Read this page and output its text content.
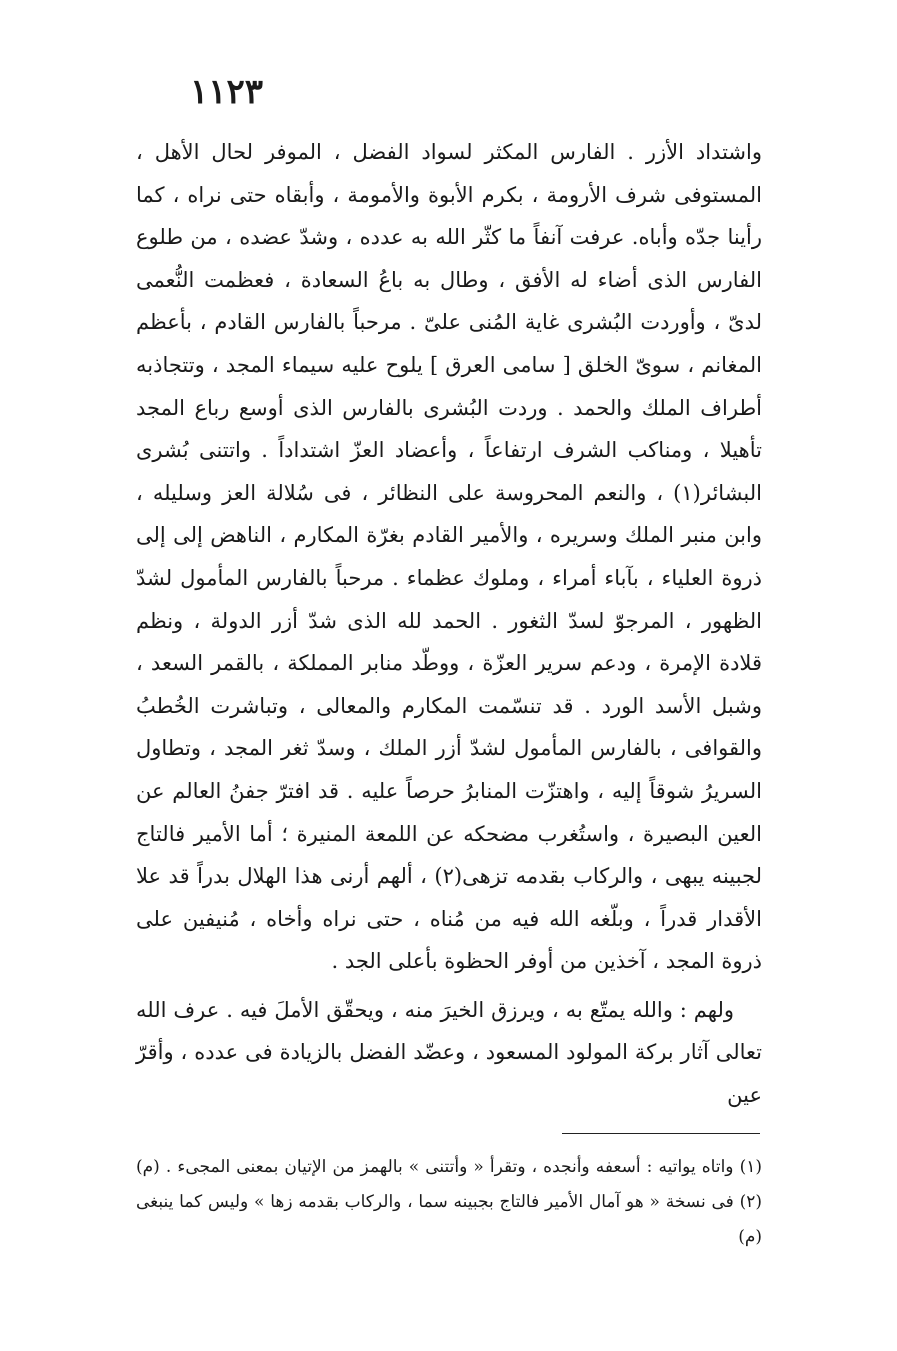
١١٢٣

واشتداد الأزر . الفارس المكثر لسواد الفضل ، الموفر لحال الأهل ، المستوفى شرف الأرومة ، بكرم الأبوة والأمومة ، وأبقاه حتى نراه ، كما رأينا جدّه وأباه. عرفت آنفاً ما كثّر الله به عدده ، وشدّ عضده ، من طلوع الفارس الذى أضاء له الأفق ، وطال به باعُ السعادة ، فعظمت النُّعمى لدىّ ، وأوردت البُشرى غاية المُنى علىّ . مرحباً بالفارس القادم ، بأعظم المغانم ، سوىّ الخلق [ سامى العرق ] يلوح عليه سيماء المجد ، وتتجاذبه أطراف الملك والحمد . وردت البُشرى بالفارس الذى أوسع رباع المجد تأهيلا ، ومناكب الشرف ارتفاعاً ، وأعضاد العزّ اشتداداً . واتتنى بُشرى البشائر(١) ، والنعم المحروسة على النظائر ، فى سُلالة العز وسليله ، وابن منبر الملك وسريره ، والأمير القادم بغرّة المكارم ، الناهض إلى إلى ذروة العلياء ، بآباء أمراء ، وملوك عظماء . مرحباً بالفارس المأمول لشدّ الظهور ، المرجوّ لسدّ الثغور . الحمد لله الذى شدّ أزر الدولة ، ونظم قلادة الإمرة ، ودعم سرير العزّة ، ووطّد منابر المملكة ، بالقمر السعد ، وشبل الأسد الورد . قد تنسّمت المكارم والمعالى ، وتباشرت الخُطبُ والقوافى ، بالفارس المأمول لشدّ أزر الملك ، وسدّ ثغر المجد ، وتطاول السريرُ شوقاً إليه ، واهتزّت المنابرُ حرصاً عليه . قد افترّ جفنُ العالم عن العين البصيرة ، واستُغرب مضحكه عن اللمعة المنيرة ؛ أما الأمير فالتاج لجبينه يبهى ، والركاب بقدمه تزهى(٢) ، ألهم أرنى هذا الهلال بدراً قد علا الأقدار قدراً ، وبلّغه الله فيه من مُناه ، حتى نراه وأخاه ، مُنيفين على ذروة المجد ، آخذين من أوفر الحظوة بأعلى الجد .

ولهم : والله يمتّع به ، ويرزق الخيرَ منه ، ويحقّق الأملَ فيه . عرف الله تعالى آثار بركة المولود المسعود ، وعضّد الفضل بالزيادة فى عدده ، وأقرّ عين

(١) واتاه يواتيه : أسعفه وأنجده ، وتقرأ « وأتتنى » بالهمز من الإتيان بمعنى المجىء . (م) (٢) فى نسخة « هو آمال الأمير فالتاج بجبينه سما ، والركاب بقدمه زها » وليس كما ينبغى (م)
